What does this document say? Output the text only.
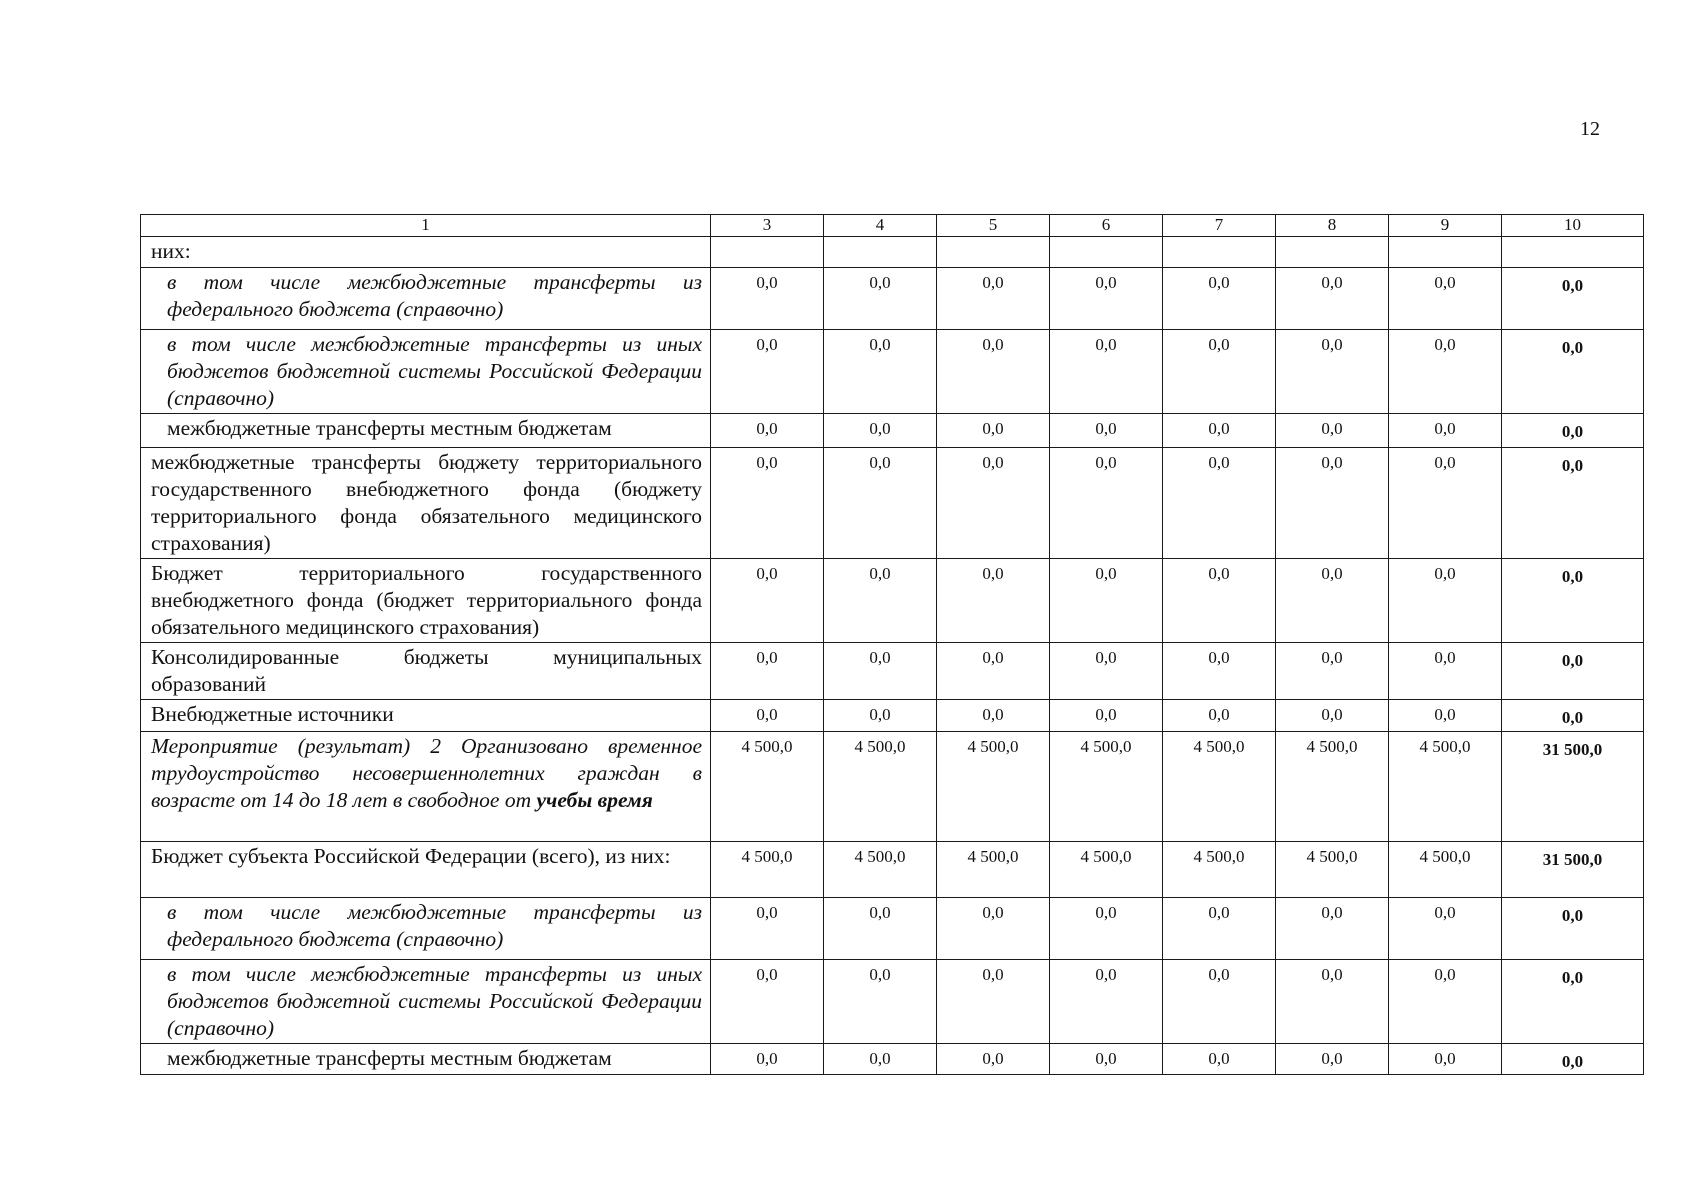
12
1	3	4	5	6	7	8	9	10
них:								
в том числе межбюджетные трансферты из федерального бюджета (справочно)	0,0	0,0	0,0	0,0	0,0	0,0	0,0	0,0
в том числе межбюджетные трансферты из иных бюджетов бюджетной системы Российской Федерации (справочно)	0,0	0,0	0,0	0,0	0,0	0,0	0,0	0,0
межбюджетные трансферты местным бюджетам	0,0	0,0	0,0	0,0	0,0	0,0	0,0	0,0
межбюджетные трансферты бюджету территориального государственного внебюджетного фонда (бюджету территориального фонда обязательного медицинского страхования)	0,0	0,0	0,0	0,0	0,0	0,0	0,0	0,0
Бюджет территориального государственного внебюджетного фонда (бюджет территориального фонда обязательного медицинского страхования)	0,0	0,0	0,0	0,0	0,0	0,0	0,0	0,0
Консолидированные бюджеты муниципальных образований	0,0	0,0	0,0	0,0	0,0	0,0	0,0	0,0
Внебюджетные источники	0,0	0,0	0,0	0,0	0,0	0,0	0,0	0,0
Мероприятие (результат) 2 Организовано временное трудоустройство несовершеннолетних граждан в возрасте от 14 до 18 лет в свободное от учебы время	4 500,0	4 500,0	4 500,0	4 500,0	4 500,0	4 500,0	4 500,0	31 500,0
Бюджет субъекта Российской Федерации (всего), из них:	4 500,0	4 500,0	4 500,0	4 500,0	4 500,0	4 500,0	4 500,0	31 500,0
в том числе межбюджетные трансферты из федерального бюджета (справочно)	0,0	0,0	0,0	0,0	0,0	0,0	0,0	0,0
в том числе межбюджетные трансферты из иных бюджетов бюджетной системы Российской Федерации (справочно)	0,0	0,0	0,0	0,0	0,0	0,0	0,0	0,0
межбюджетные трансферты местным бюджетам	0,0	0,0	0,0	0,0	0,0	0,0	0,0	0,0
